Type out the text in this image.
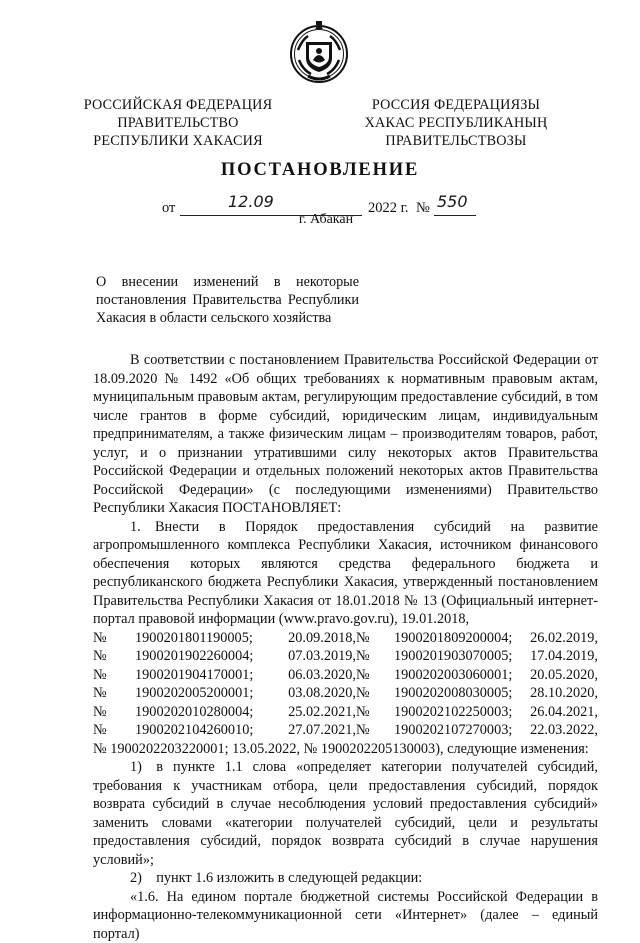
РОССИЙСКАЯ ФЕДЕРАЦИЯ
ПРАВИТЕЛЬСТВО
РЕСПУБЛИКИ ХАКАСИЯ
РОССИЯ ФЕДЕРАЦИЯЗЫ
ХАКАС РЕСПУБЛИКАНЫҢ
ПРАВИТЕЛЬСТВОЗЫ
ПОСТАНОВЛЕНИЕ
от	12.09	2022 г. № 550
г. Абакан
О внесении изменений в некоторые постановления Правительства Республики Хакасия в области сельского хозяйства

В соответствии с постановлением Правительства Российской Федерации от 18.09.2020 № 1492 «Об общих требованиях к нормативным правовым актам, муниципальным правовым актам, регулирующим предоставление субсидий, в том числе грантов в форме субсидий, юридическим лицам, индивидуальным предпринимателям, а также физическим лицам – производителям товаров, работ, услуг, и о признании утратившими силу некоторых актов Правительства Российской Федерации и отдельных положений некоторых актов Правительства Российской Федерации» (с последующими изменениями) Правительство Республики Хакасия ПОСТАНОВЛЯЕТ:

1. Внести в Порядок предоставления субсидий на развитие агропромышленного комплекса Республики Хакасия, источником финансового обеспечения которых являются средства федерального бюджета и республиканского бюджета Республики Хакасия, утвержденный постановлением Правительства Республики Хакасия от 18.01.2018 № 13 (Официальный интернет-портал правовой информации (www.pravo.gov.ru), 19.01.2018,

№	1900201801190005;	20.09.2018, №	1900201809200004;	26.02.2019,
№	1900201902260004;	07.03.2019, №	1900201903070005;	17.04.2019,
№	1900201904170001;	06.03.2020, №	1900202003060001;	20.05.2020,
№	1900202005200001;	03.08.2020, №	1900202008030005;	28.10.2020,
№	1900202010280004;	25.02.2021, №	1900202102250003;	26.04.2021,
№	1900202104260010;	27.07.2021, №	1900202107270003;	22.03.2022,

№ 1900202203220001; 13.05.2022, № 1900202205130003), следующие изменения:

1) в пункте 1.1 слова «определяет категории получателей субсидий, требования к участникам отбора, цели предоставления субсидий, порядок возврата субсидий в случае несоблюдения условий предоставления субсидий» заменить словами «категории получателей субсидий, цели и результаты предоставления субсидий, порядок возврата субсидий в случае нарушения условий»;

2) пункт 1.6 изложить в следующей редакции:

«1.6. На едином портале бюджетной системы Российской Федерации в информационно-телекоммуникационной сети «Интернет» (далее – единый портал)
